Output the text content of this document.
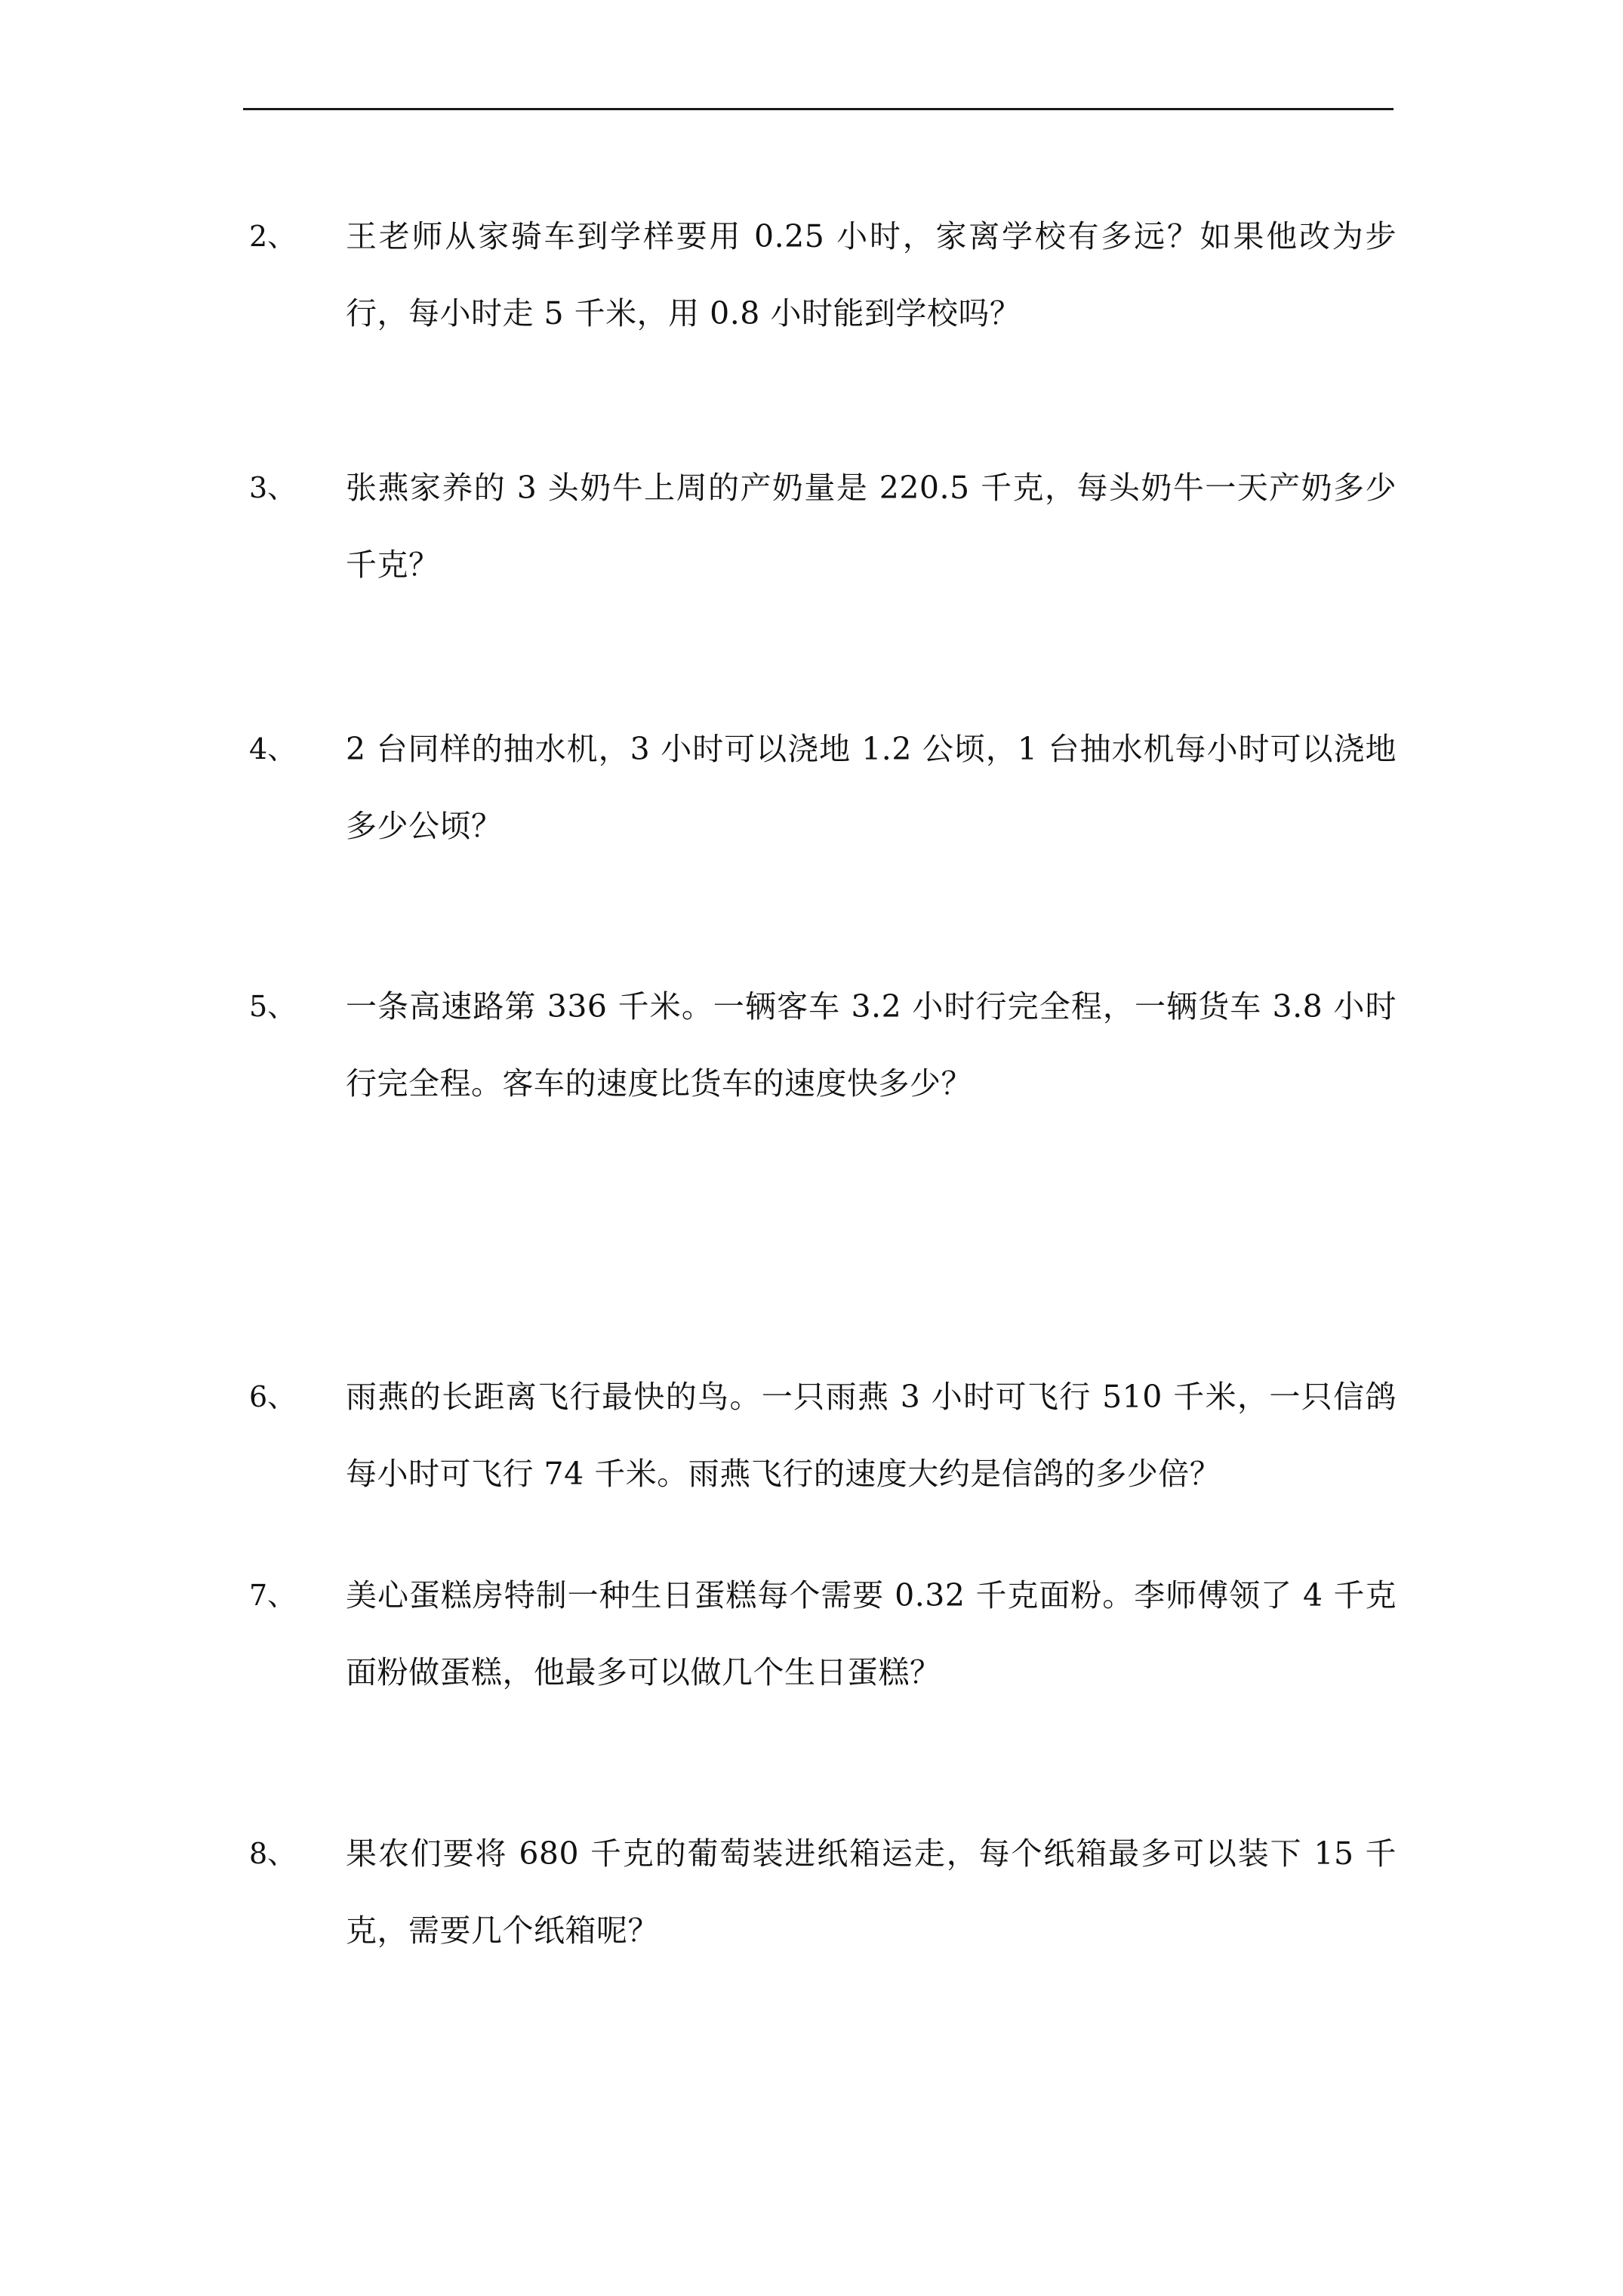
2、 王老师从家骑车到学样要用 0.25 小时，家离学校有多远？如果他改为步行，每小时走 5 千米，用 0.8 小时能到学校吗？
3、 张燕家养的 3 头奶牛上周的产奶量是 220.5 千克，每头奶牛一天产奶多少千克？
4、 2 台同样的抽水机，3 小时可以浇地 1.2 公顷，1 台抽水机每小时可以浇地多少公顷？
5、 一条高速路第 336 千米。一辆客车 3.2 小时行完全程，一辆货车 3.8 小时行完全程。客车的速度比货车的速度快多少？
6、 雨燕的长距离飞行最快的鸟。一只雨燕 3 小时可飞行 510 千米，一只信鸽每小时可飞行 74 千米。雨燕飞行的速度大约是信鸽的多少倍？
7、 美心蛋糕房特制一种生日蛋糕每个需要 0.32 千克面粉。李师傅领了 4 千克面粉做蛋糕，他最多可以做几个生日蛋糕？
8、 果农们要将 680 千克的葡萄装进纸箱运走，每个纸箱最多可以装下 15 千克，需要几个纸箱呢？
